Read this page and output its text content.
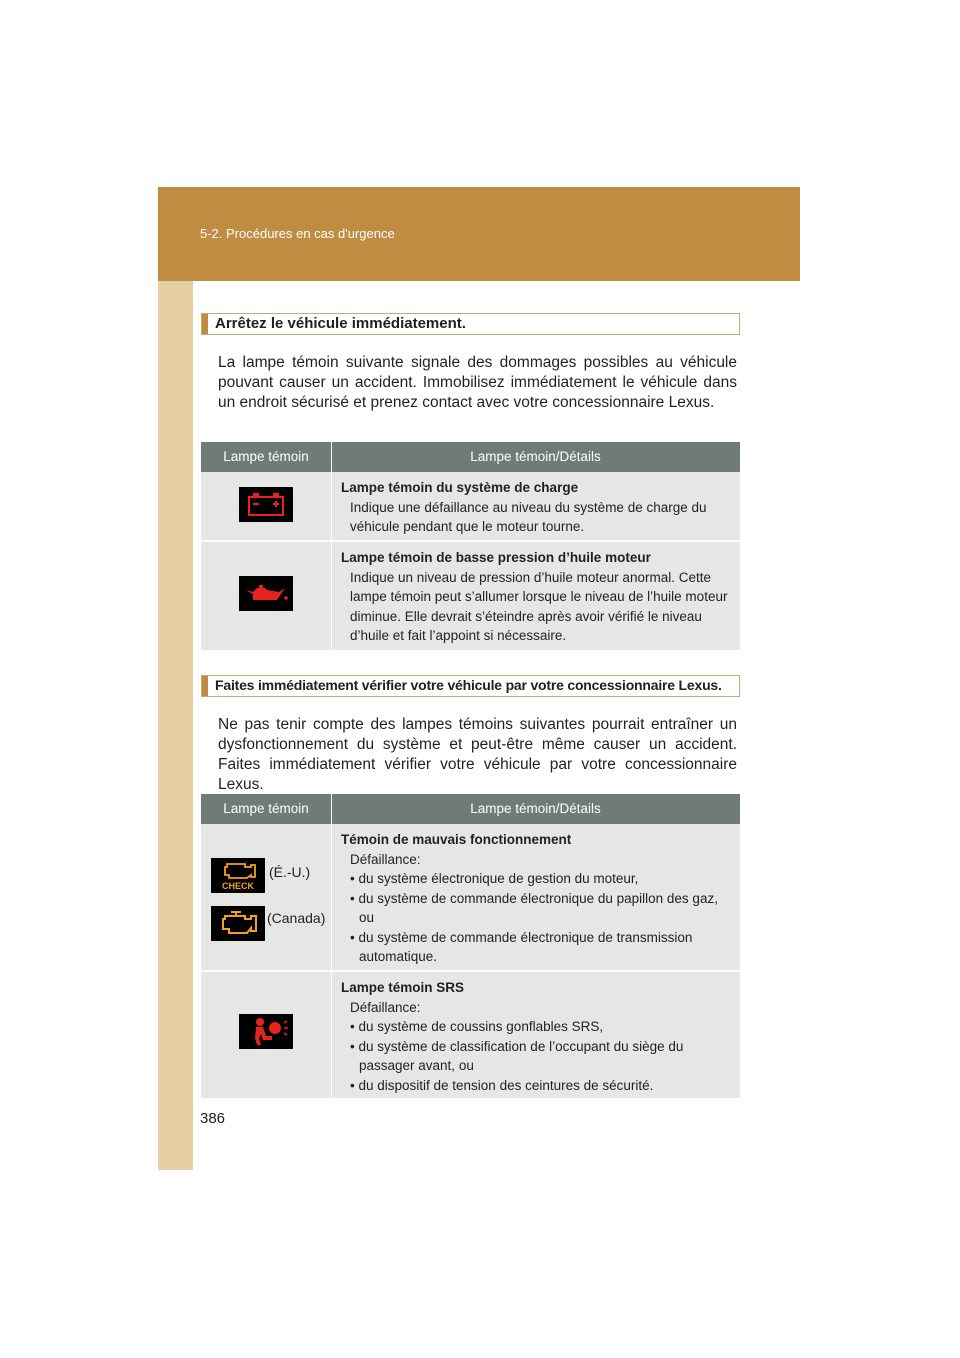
5-2. Procédures en cas d'urgence
Arrêtez le véhicule immédiatement.
La lampe témoin suivante signale des dommages possibles au véhicule pouvant causer un accident. Immobilisez immédiatement le véhicule dans un endroit sécurisé et prenez contact avec votre concessionnaire Lexus.
Lampe témoin	Lampe témoin/Détails
Lampe témoin du système de charge
Indique une défaillance au niveau du système de charge du véhicule pendant que le moteur tourne.
Lampe témoin de basse pression d’huile moteur
Indique un niveau de pression d’huile moteur anormal. Cette lampe témoin peut s’allumer lorsque le niveau de l’huile moteur diminue. Elle devrait s’éteindre après avoir vérifié le niveau d’huile et fait l’appoint si nécessaire.
Faites immédiatement vérifier votre véhicule par votre concessionnaire Lexus.
Ne pas tenir compte des lampes témoins suivantes pourrait entraîner un dysfonctionnement du système et peut-être même causer un accident. Faites immédiatement vérifier votre véhicule par votre concessionnaire Lexus.
Lampe témoin	Lampe témoin/Détails
CHECK
(É.-U.)
(Canada)
Témoin de mauvais fonctionnement
Défaillance:
• du système électronique de gestion du moteur,
• du système de commande électronique du papillon des gaz, ou
• du système de commande électronique de transmission automatique.
Lampe témoin SRS
Défaillance:
• du système de coussins gonflables SRS,
• du système de classification de l’occupant du siège du passager avant, ou
• du dispositif de tension des ceintures de sécurité.
386
